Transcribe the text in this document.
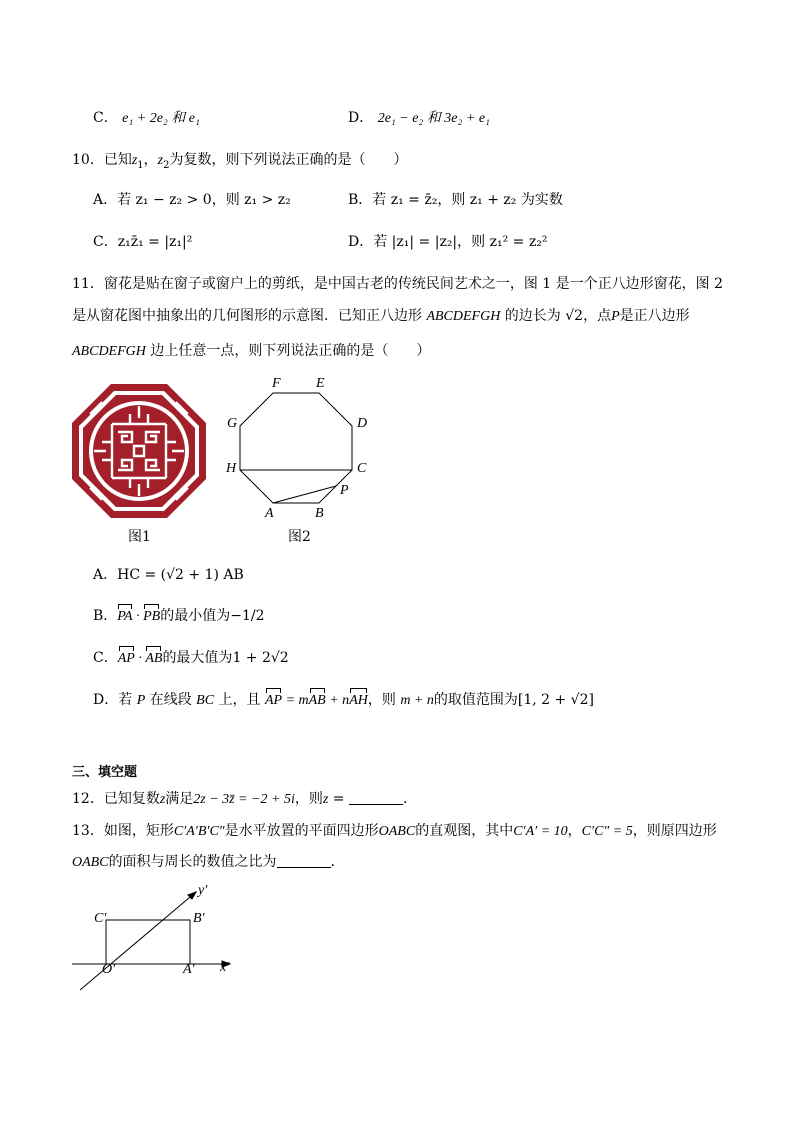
C． e₁ + 2e₂ 和 e₁	D． 2e₁ − e₂ 和 3e₂ + e₁
10．已知$z_1$，$z_2$为复数，则下列说法正确的是（　　）
A．若 z₁ − z₂ > 0，则 z₁ > z₂	B．若 z₁ = z̄₂，则 z₁ + z₂ 为实数
C．z₁z̄₁ = |z₁|²	D．若 |z₁| = |z₂|，则 z₁² = z₂²
11．窗花是贴在窗子或窗户上的剪纸，是中国古老的传统民间艺术之一，图 1 是一个正八边形窗花，图 2
是从窗花图中抽象出的几何图形的示意图．已知正八边形 ABCDEFGH 的边长为 √2，点P是正八边形
ABCDEFGH 边上任意一点，则下列说法正确的是（　　）
图1
F	E
G	D
H	C
P
A	B
图2
A．HC = (√2 + 1) AB
B．PA · PB的最小值为−1/2
C．AP · AB的最大值为1 + 2√2
D．若 P 在线段 BC 上，且 AP = mAB + nAH，则 m + n的取值范围为[1, 2 + √2]
三、填空题
12．已知复数z满足2z − 3z̄ = −2 + 5i，则z =	．
13．如图，矩形C′A′B′C″是水平放置的平面四边形OABC的直观图，其中C′A′ = 10，C′C″ = 5，则原四边形
OABC的面积与周长的数值之比为	．
C′	B′
O′	A′ x′
y′
